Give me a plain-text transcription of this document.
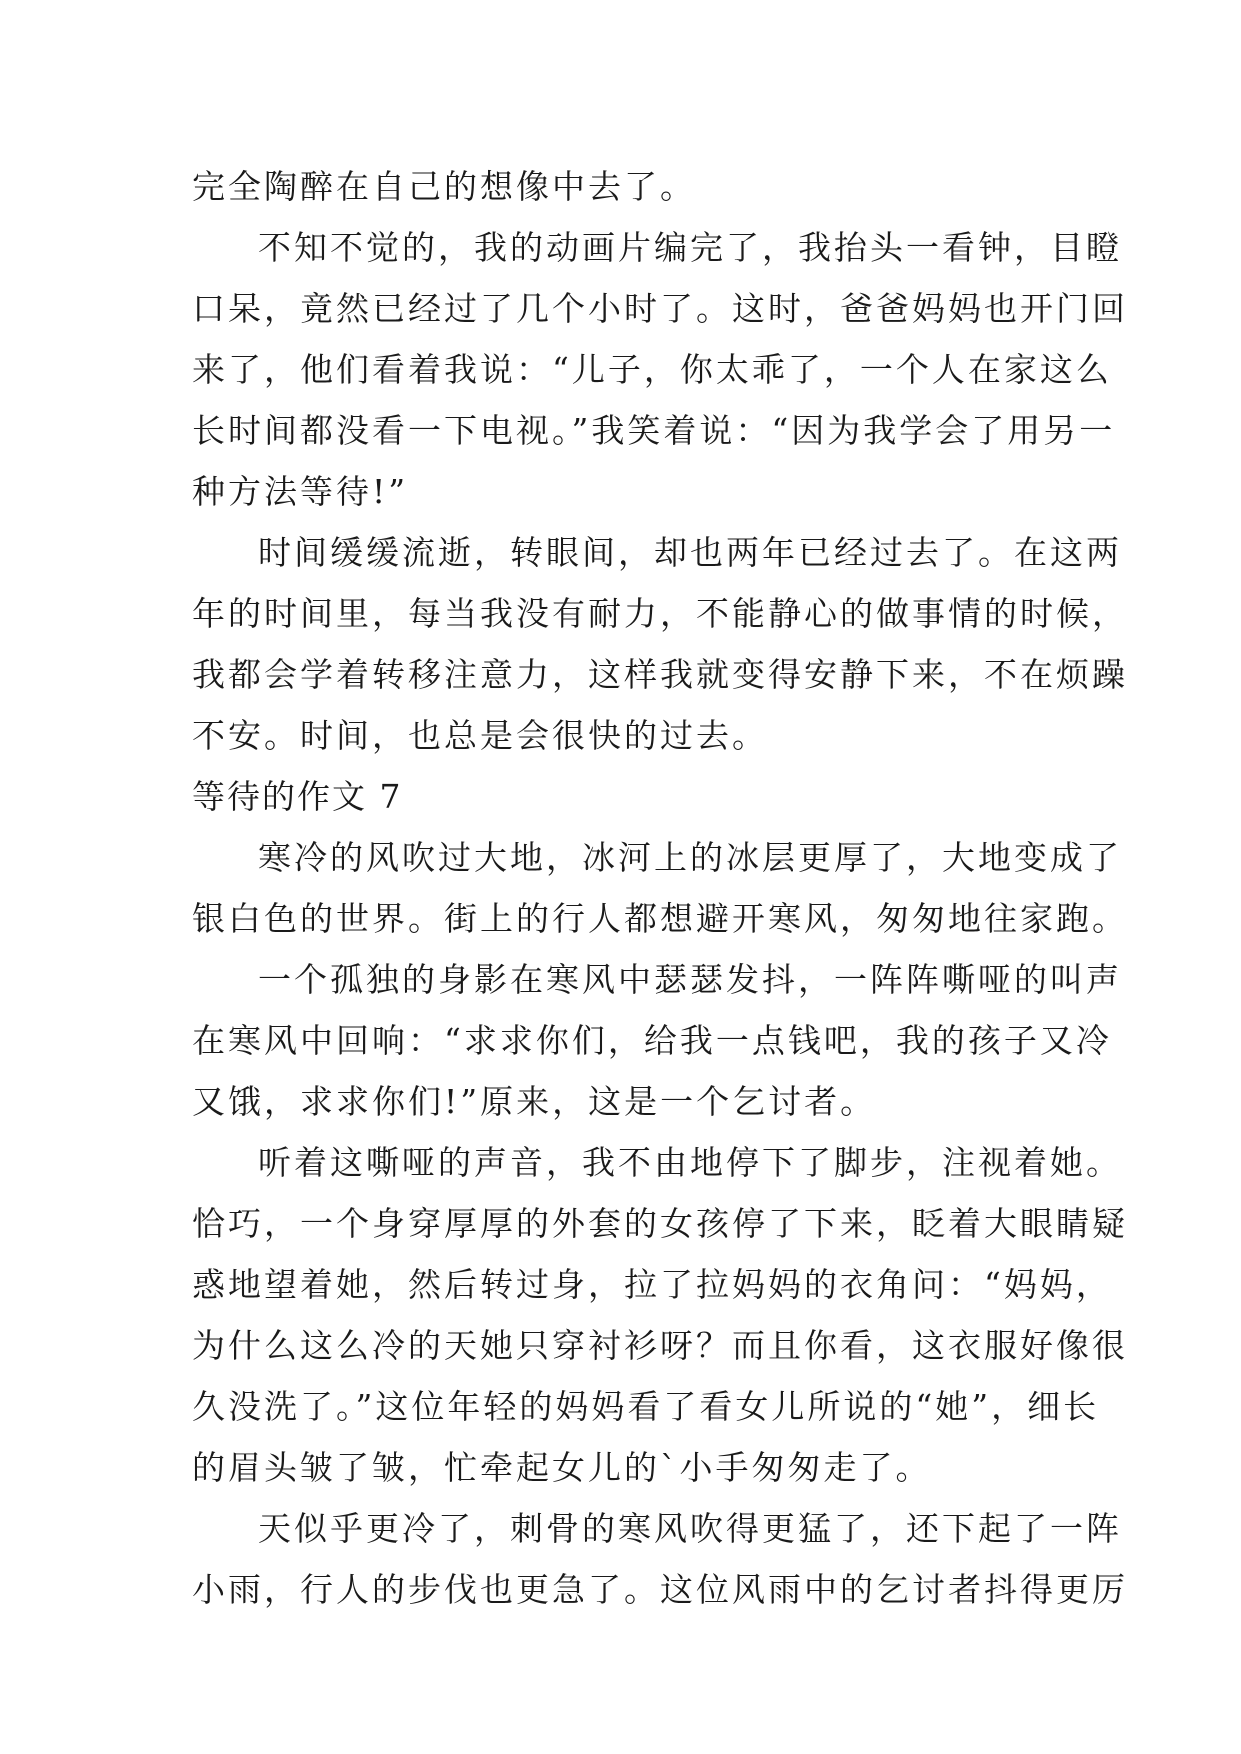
完全陶醉在自己的想像中去了。
不知不觉的，我的动画片编完了，我抬头一看钟，目瞪
口呆，竟然已经过了几个小时了。这时，爸爸妈妈也开门回
来了，他们看着我说：“儿子，你太乖了，一个人在家这么
长时间都没看一下电视。”我笑着说：“因为我学会了用另一
种方法等待!”
时间缓缓流逝，转眼间，却也两年已经过去了。在这两
年的时间里，每当我没有耐力，不能静心的做事情的时候，
我都会学着转移注意力，这样我就变得安静下来，不在烦躁
不安。时间，也总是会很快的过去。
等待的作文 7
寒冷的风吹过大地，冰河上的冰层更厚了，大地变成了
银白色的世界。街上的行人都想避开寒风，匆匆地往家跑。
一个孤独的身影在寒风中瑟瑟发抖，一阵阵嘶哑的叫声
在寒风中回响：“求求你们，给我一点钱吧，我的孩子又冷
又饿，求求你们!”原来，这是一个乞讨者。
听着这嘶哑的声音，我不由地停下了脚步，注视着她。
恰巧，一个身穿厚厚的外套的女孩停了下来，眨着大眼睛疑
惑地望着她，然后转过身，拉了拉妈妈的衣角问：“妈妈，
为什么这么冷的天她只穿衬衫呀？而且你看，这衣服好像很
久没洗了。”这位年轻的妈妈看了看女儿所说的“她”，细长
的眉头皱了皱，忙牵起女儿的`小手匆匆走了。
天似乎更冷了，刺骨的寒风吹得更猛了，还下起了一阵
小雨，行人的步伐也更急了。这位风雨中的乞讨者抖得更厉
